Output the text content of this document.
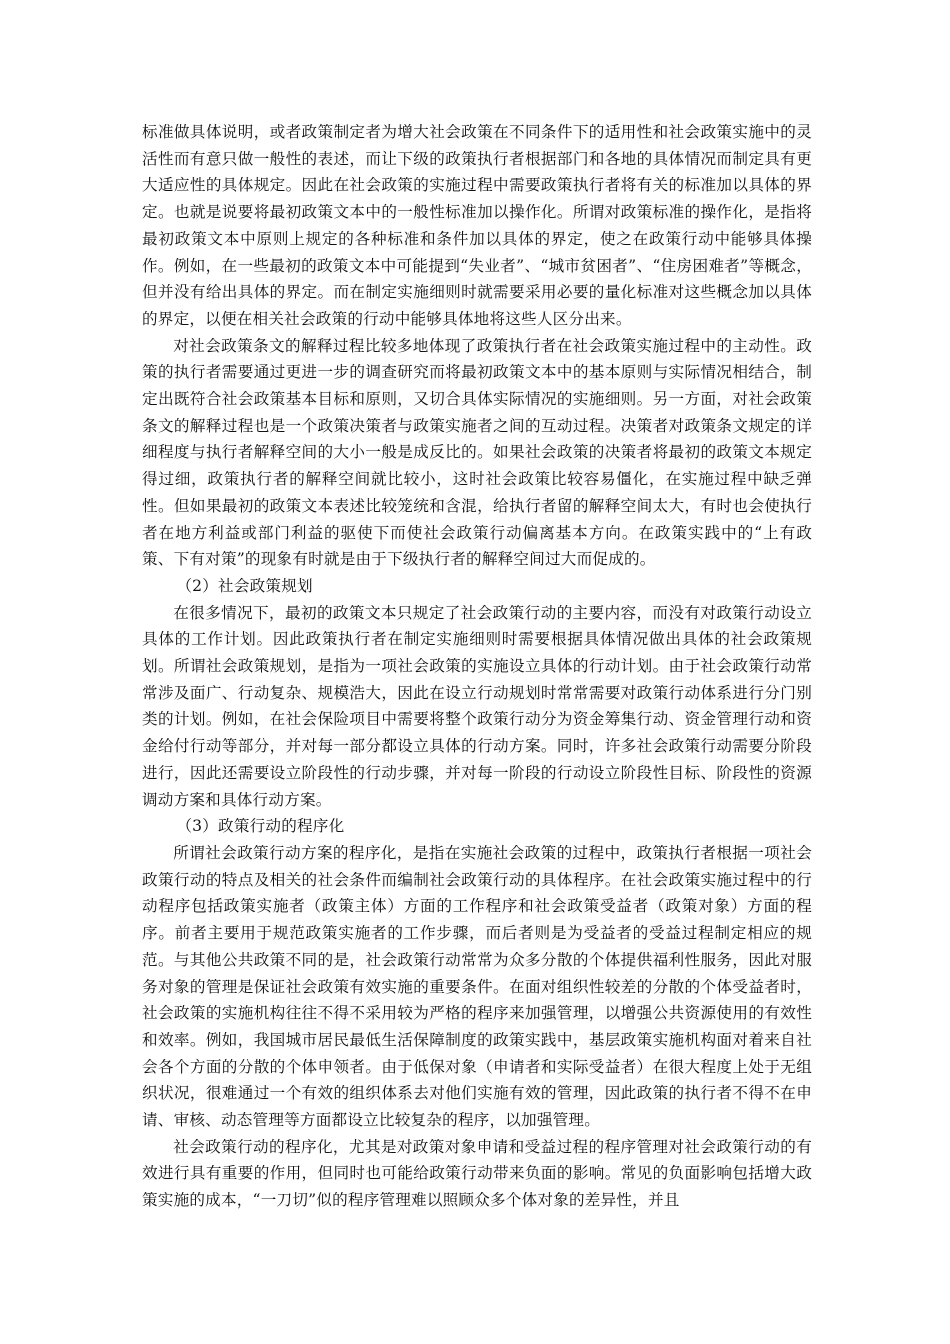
标准做具体说明，或者政策制定者为增大社会政策在不同条件下的适用性和社会政策实施中的灵活性而有意只做一般性的表述，而让下级的政策执行者根据部门和各地的具体情况而制定具有更大适应性的具体规定。因此在社会政策的实施过程中需要政策执行者将有关的标准加以具体的界定。也就是说要将最初政策文本中的一般性标准加以操作化。所谓对政策标准的操作化，是指将最初政策文本中原则上规定的各种标准和条件加以具体的界定，使之在政策行动中能够具体操作。例如，在一些最初的政策文本中可能提到“失业者”、“城市贫困者”、“住房困难者”等概念，但并没有给出具体的界定。而在制定实施细则时就需要采用必要的量化标准对这些概念加以具体的界定，以便在相关社会政策的行动中能够具体地将这些人区分出来。

对社会政策条文的解释过程比较多地体现了政策执行者在社会政策实施过程中的主动性。政策的执行者需要通过更进一步的调查研究而将最初政策文本中的基本原则与实际情况相结合，制定出既符合社会政策基本目标和原则，又切合具体实际情况的实施细则。另一方面，对社会政策条文的解释过程也是一个政策决策者与政策实施者之间的互动过程。决策者对政策条文规定的详细程度与执行者解释空间的大小一般是成反比的。如果社会政策的决策者将最初的政策文本规定得过细，政策执行者的解释空间就比较小，这时社会政策比较容易僵化，在实施过程中缺乏弹性。但如果最初的政策文本表述比较笼统和含混，给执行者留的解释空间太大，有时也会使执行者在地方利益或部门利益的驱使下而使社会政策行动偏离基本方向。在政策实践中的“上有政策、下有对策”的现象有时就是由于下级执行者的解释空间过大而促成的。

（2）社会政策规划

在很多情况下，最初的政策文本只规定了社会政策行动的主要内容，而没有对政策行动设立具体的工作计划。因此政策执行者在制定实施细则时需要根据具体情况做出具体的社会政策规划。所谓社会政策规划，是指为一项社会政策的实施设立具体的行动计划。由于社会政策行动常常涉及面广、行动复杂、规模浩大，因此在设立行动规划时常常需要对政策行动体系进行分门别类的计划。例如，在社会保险项目中需要将整个政策行动分为资金筹集行动、资金管理行动和资金给付行动等部分，并对每一部分都设立具体的行动方案。同时，许多社会政策行动需要分阶段进行，因此还需要设立阶段性的行动步骤，并对每一阶段的行动设立阶段性目标、阶段性的资源调动方案和具体行动方案。

（3）政策行动的程序化

所谓社会政策行动方案的程序化，是指在实施社会政策的过程中，政策执行者根据一项社会政策行动的特点及相关的社会条件而编制社会政策行动的具体程序。在社会政策实施过程中的行动程序包括政策实施者（政策主体）方面的工作程序和社会政策受益者（政策对象）方面的程序。前者主要用于规范政策实施者的工作步骤，而后者则是为受益者的受益过程制定相应的规范。与其他公共政策不同的是，社会政策行动常常为众多分散的个体提供福利性服务，因此对服务对象的管理是保证社会政策有效实施的重要条件。在面对组织性较差的分散的个体受益者时，社会政策的实施机构往往不得不采用较为严格的程序来加强管理，以增强公共资源使用的有效性和效率。例如，我国城市居民最低生活保障制度的政策实践中，基层政策实施机构面对着来自社会各个方面的分散的个体申领者。由于低保对象（申请者和实际受益者）在很大程度上处于无组织状况，很难通过一个有效的组织体系去对他们实施有效的管理，因此政策的执行者不得不在申请、审核、动态管理等方面都设立比较复杂的程序，以加强管理。

社会政策行动的程序化，尤其是对政策对象申请和受益过程的程序管理对社会政策行动的有效进行具有重要的作用，但同时也可能给政策行动带来负面的影响。常见的负面影响包括增大政策实施的成本，“一刀切”似的程序管理难以照顾众多个体对象的差异性，并且
